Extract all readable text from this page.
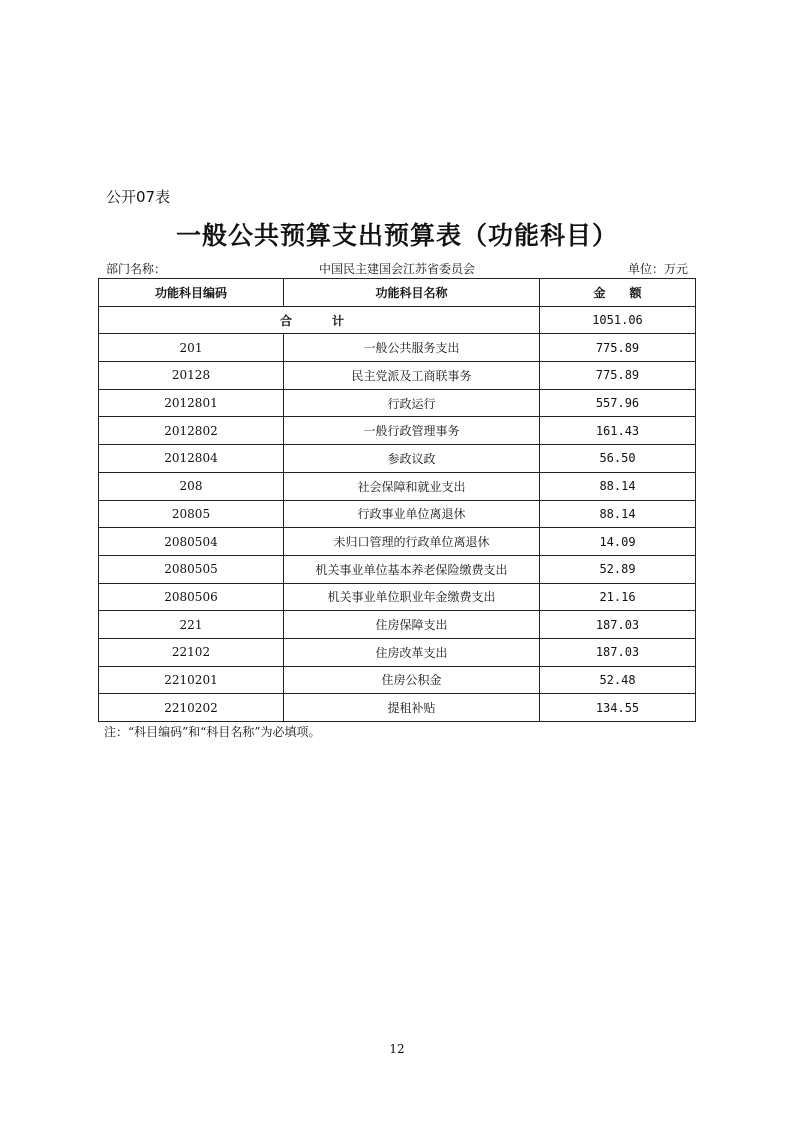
公开07表
一般公共预算支出预算表（功能科目）
部门名称：	中国民主建国会江苏省委员会	单位：万元
功能科目编码	功能科目名称	金　　额
合　计		1051.06
201	一般公共服务支出	775.89
20128	民主党派及工商联事务	775.89
2012801	行政运行	557.96
2012802	一般行政管理事务	161.43
2012804	参政议政	56.50
208	社会保障和就业支出	88.14
20805	行政事业单位离退休	88.14
2080504	未归口管理的行政单位离退休	14.09
2080505	机关事业单位基本养老保险缴费支出	52.89
2080506	机关事业单位职业年金缴费支出	21.16
221	住房保障支出	187.03
22102	住房改革支出	187.03
2210201	住房公积金	52.48
2210202	提租补贴	134.55
注：“科目编码”和“科目名称”为必填项。
12
